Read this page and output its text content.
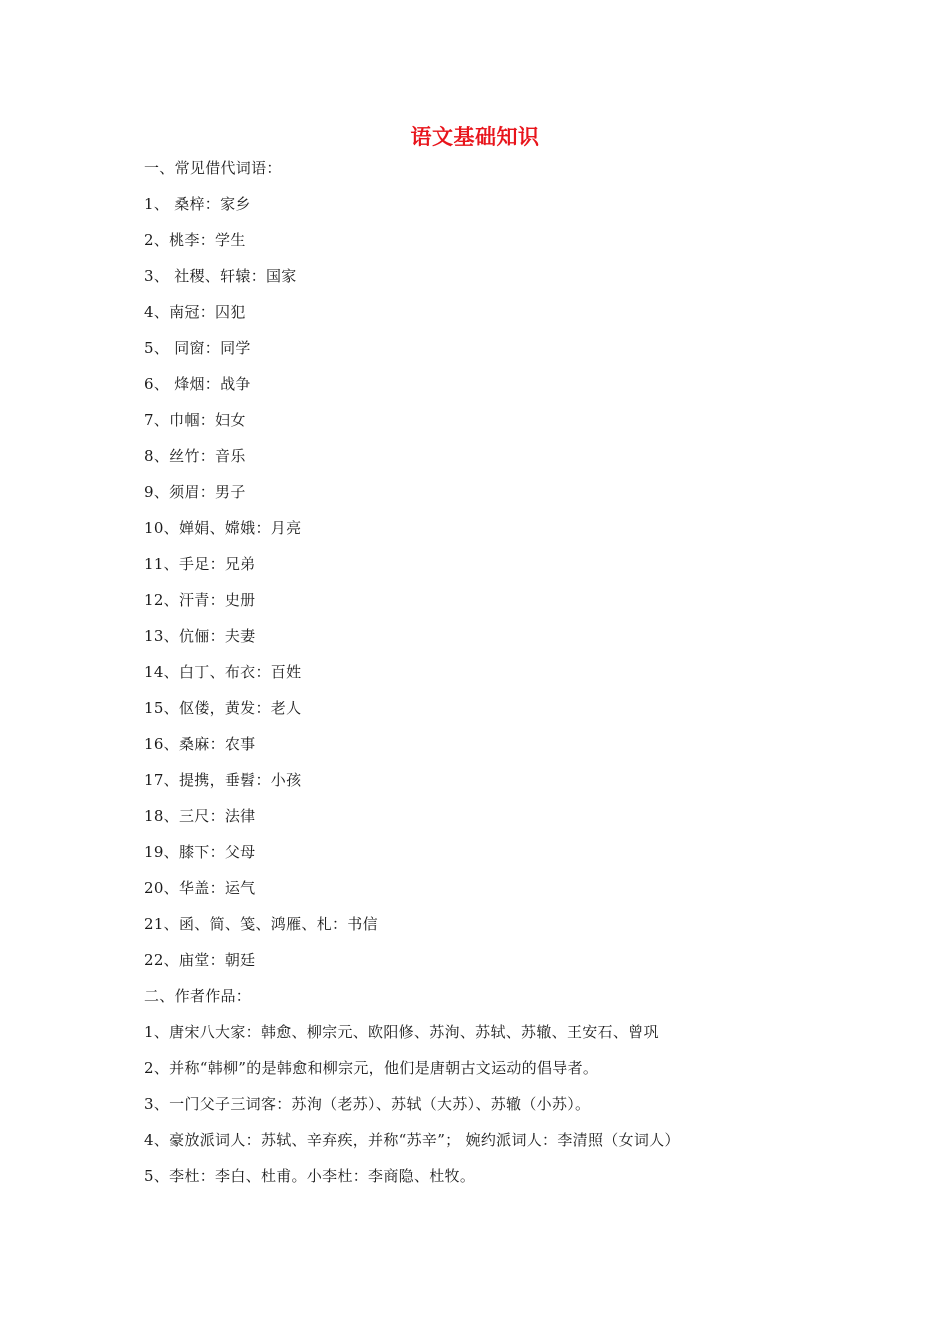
语文基础知识
一、常见借代词语：
1、 桑梓：家乡
2、桃李：学生
3、 社稷、轩辕：国家
4、南冠：囚犯
5、 同窗：同学
6、 烽烟：战争
7、巾帼：妇女
8、丝竹：音乐
9、须眉：男子
10、婵娟、嫦娥：月亮
11、手足：兄弟
12、汗青：史册
13、伉俪：夫妻
14、白丁、布衣：百姓
15、伛偻，黄发：老人
16、桑麻：农事
17、提携，垂髫：小孩
18、三尺：法律
19、膝下：父母
20、华盖：运气
21、函、简、笺、鸿雁、札：书信
22、庙堂：朝廷
二、作者作品：
1、唐宋八大家：韩愈、柳宗元、欧阳修、苏洵、苏轼、苏辙、王安石、曾巩
2、并称“韩柳”的是韩愈和柳宗元，他们是唐朝古文运动的倡导者。
3、一门父子三词客：苏洵（老苏）、苏轼（大苏）、苏辙（小苏）。
4、豪放派词人：苏轼、辛弃疾，并称“苏辛”； 婉约派词人：李清照（女词人）
5、李杜：李白、杜甫。小李杜：李商隐、杜牧。
